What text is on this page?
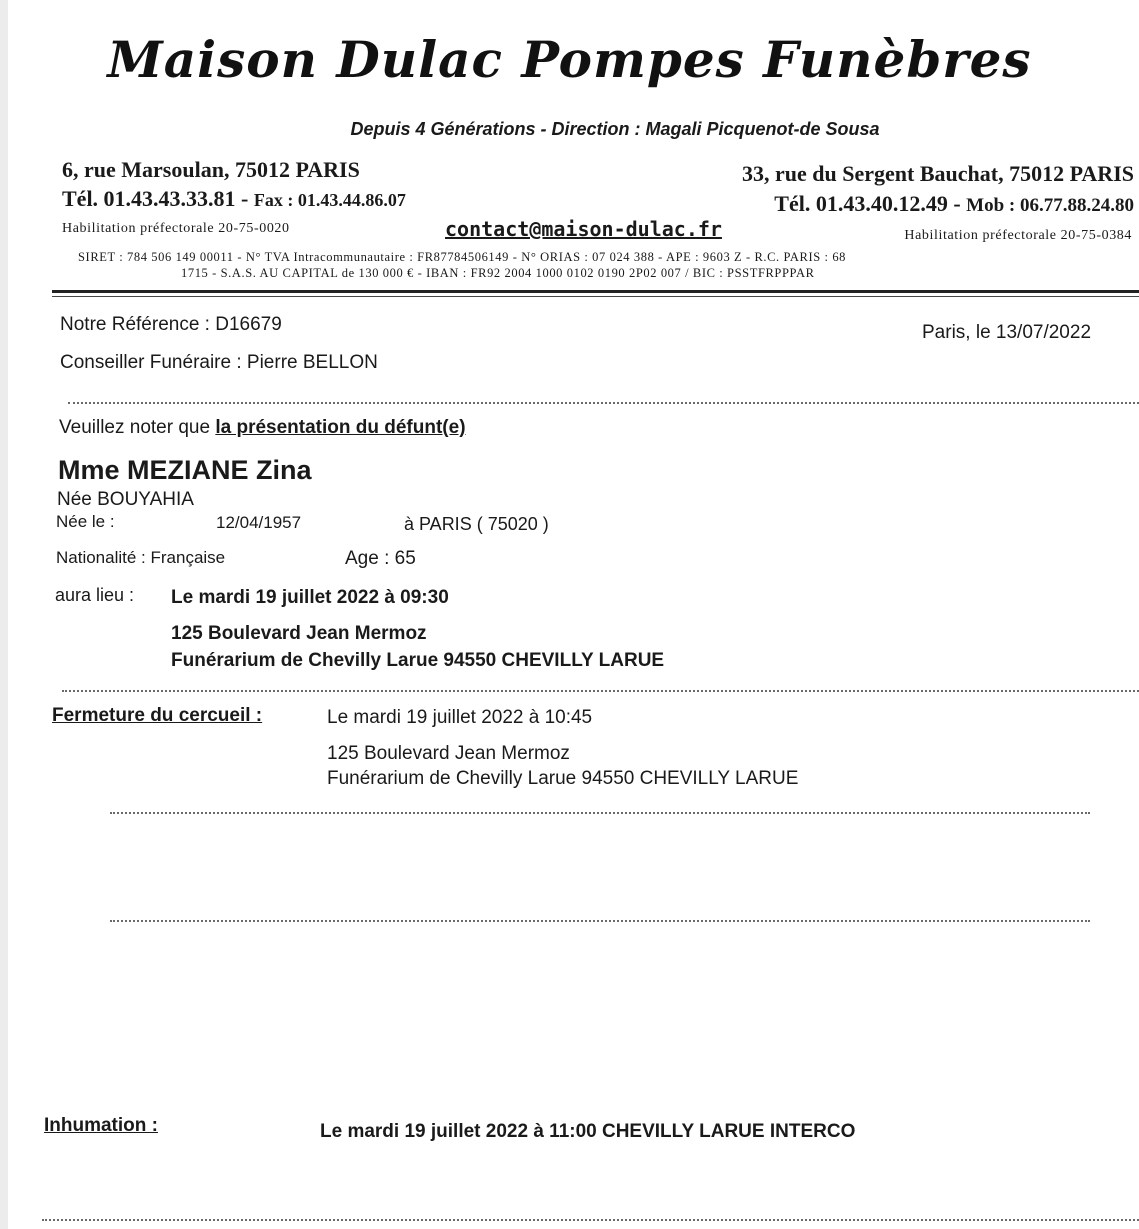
Maison Dulac Pompes Funèbres
Depuis 4 Générations - Direction : Magali Picquenot-de Sousa
6, rue Marsoulan, 75012 PARIS
Tél. 01.43.43.33.81 - Fax : 01.43.44.86.07
Habilitation préfectorale 20-75-0020
33, rue du Sergent Bauchat, 75012 PARIS
Tél. 01.43.40.12.49 - Mob : 06.77.88.24.80
Habilitation préfectorale 20-75-0384
contact@maison-dulac.fr
SIRET : 784 506 149 00011 - N° TVA Intracommunautaire : FR87784506149 - N° ORIAS : 07 024 388 - APE : 9603 Z - R.C. PARIS : 68
1715 - S.A.S. AU CAPITAL de 130 000 € - IBAN : FR92 2004 1000 0102 0190 2P02 007 / BIC : PSSTFRPPPAR
Notre Référence : D16679	Paris, le 13/07/2022
Conseiller Funéraire : Pierre BELLON
Veuillez noter que la présentation du défunt(e)
Mme MEZIANE Zina
Née BOUYAHIA
Née le :	12/04/1957	à PARIS ( 75020 )
Nationalité : Française	Age : 65
aura lieu : Le mardi 19 juillet 2022 à 09:30
125 Boulevard Jean Mermoz
Funérarium de Chevilly Larue 94550 CHEVILLY LARUE
Fermeture du cercueil :	Le mardi 19 juillet 2022 à 10:45
125 Boulevard Jean Mermoz
Funérarium de Chevilly Larue 94550 CHEVILLY LARUE
Inhumation :	Le mardi 19 juillet 2022 à 11:00 CHEVILLY LARUE INTERCO
